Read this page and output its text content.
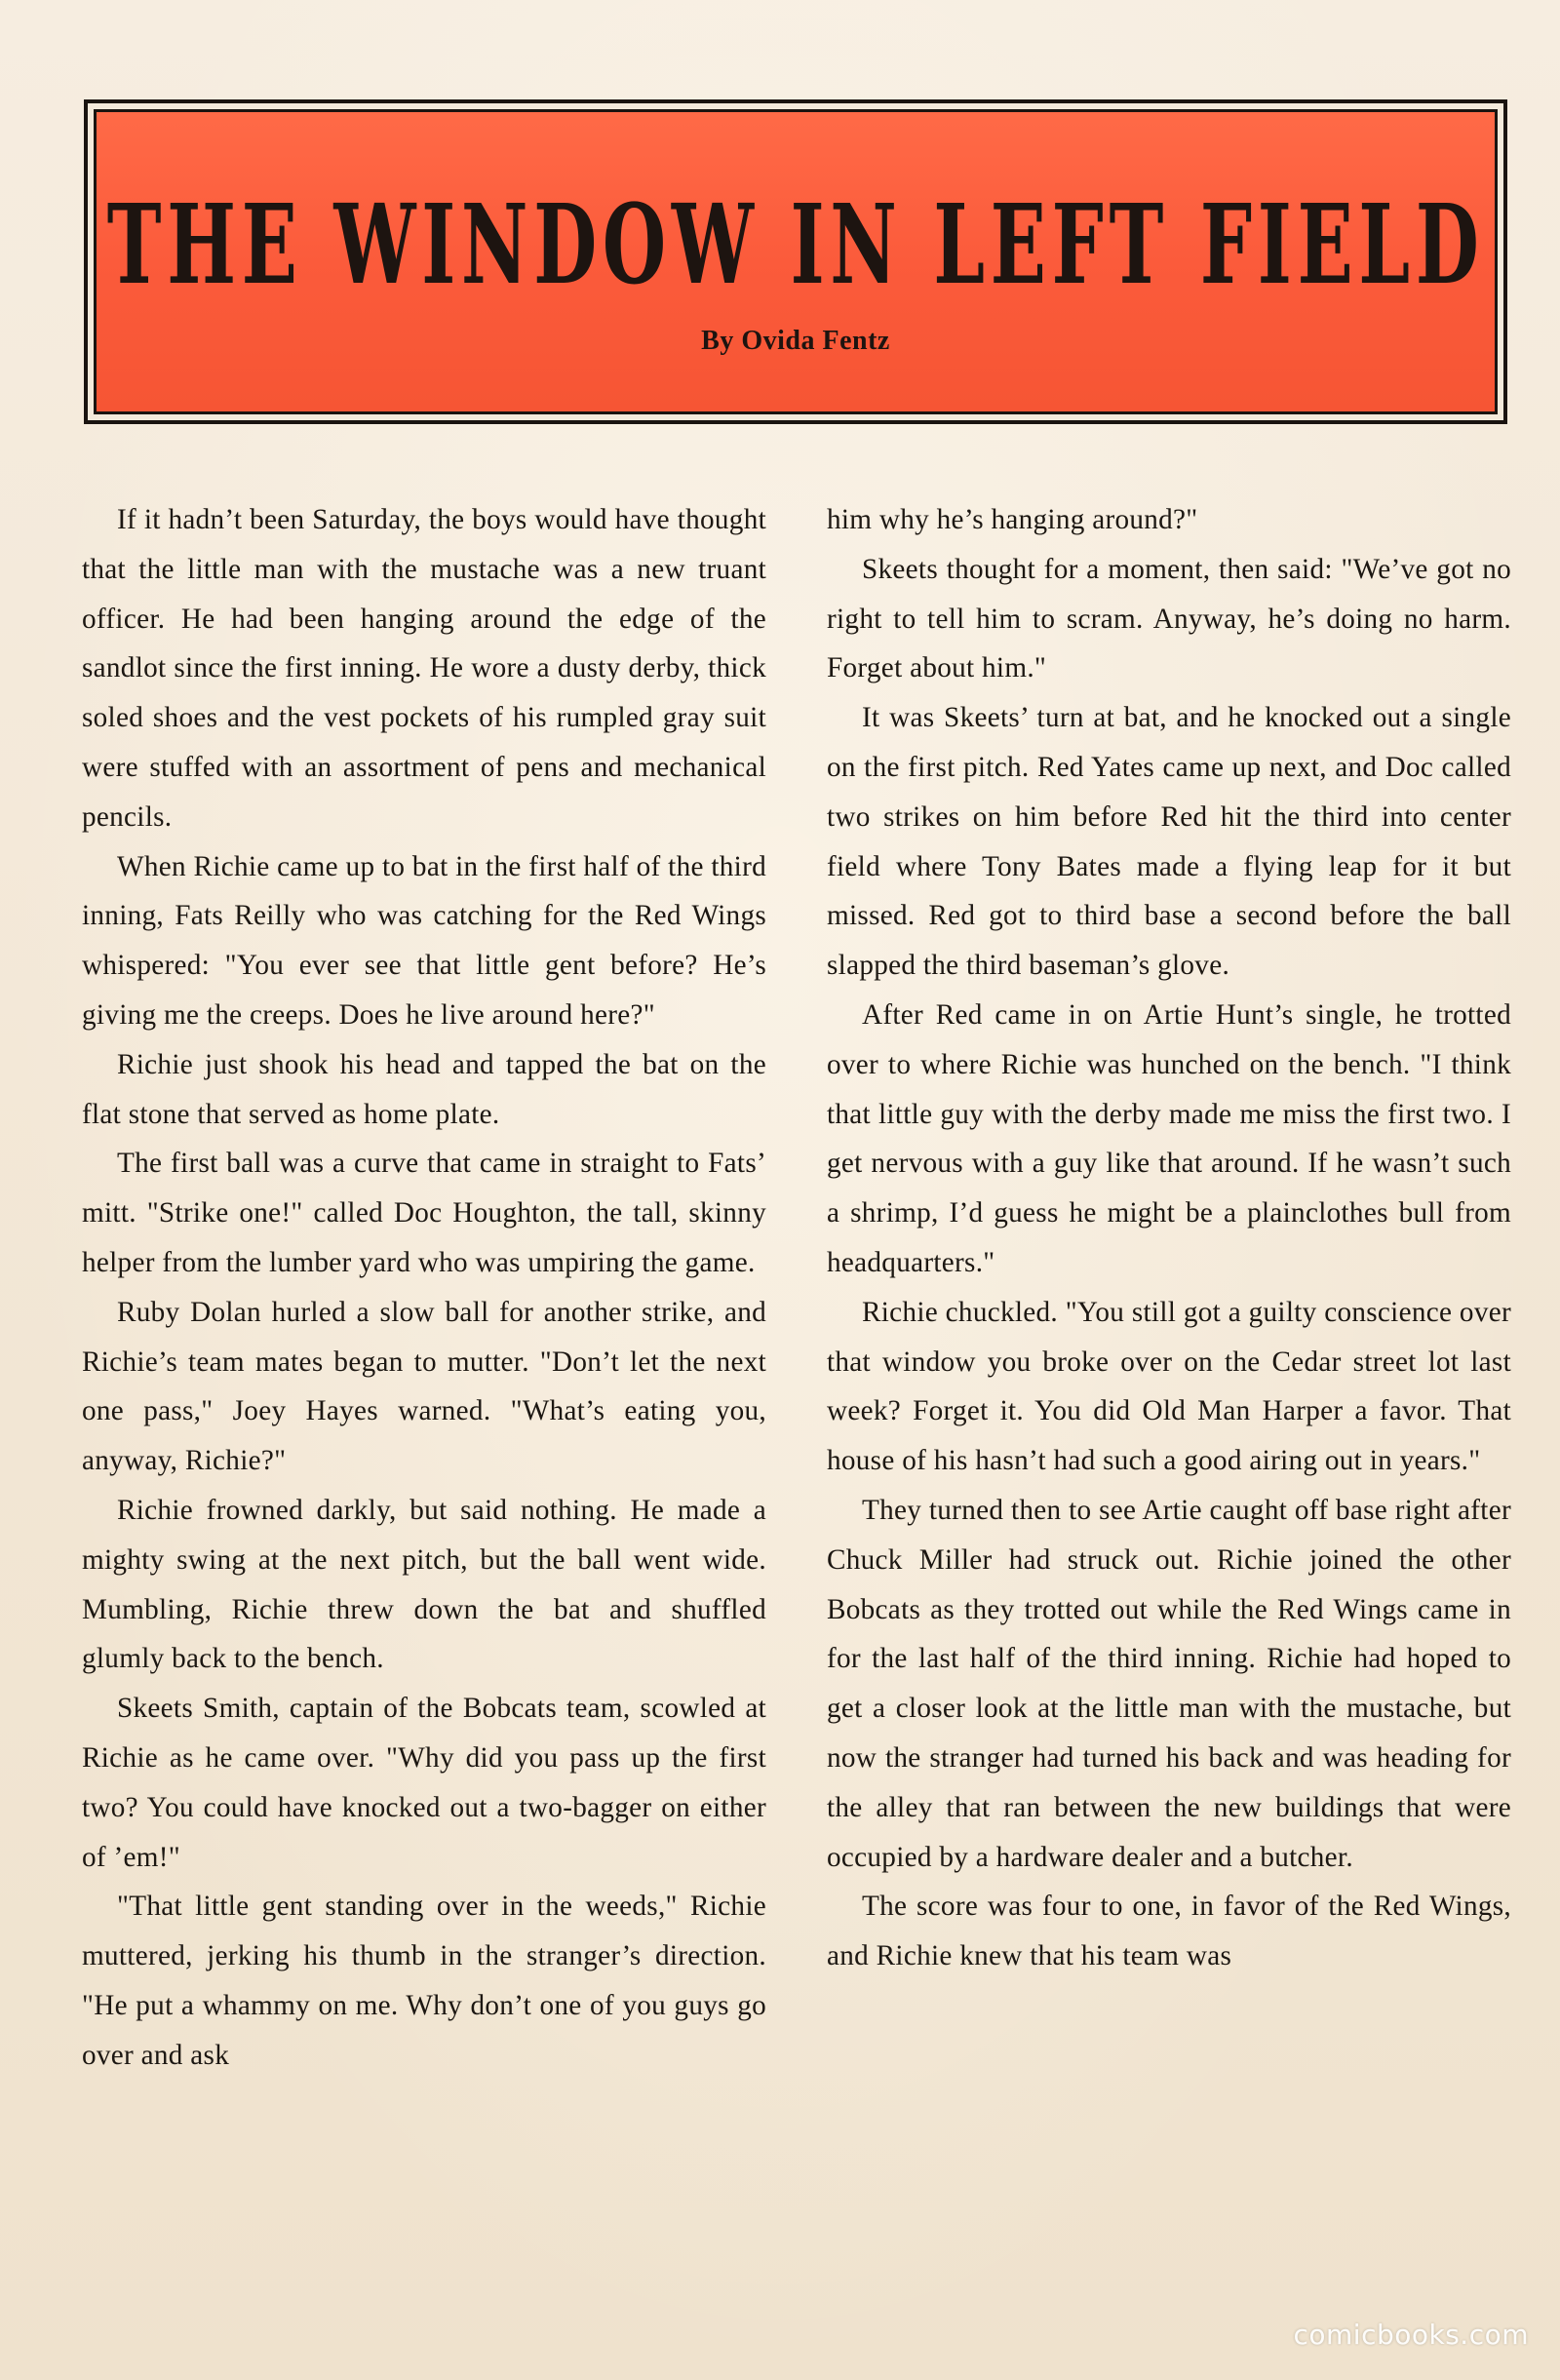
THE WINDOW IN LEFT FIELD
By Ovida Fentz

If it hadn’t been Saturday, the boys would have thought that the little man with the mustache was a new truant officer. He had been hanging around the edge of the sandlot since the first inning. He wore a dusty derby, thick soled shoes and the vest pockets of his rumpled gray suit were stuffed with an assortment of pens and mechanical pencils.

When Richie came up to bat in the first half of the third inning, Fats Reilly who was catching for the Red Wings whispered: "You ever see that little gent before? He’s giving me the creeps. Does he live around here?"

Richie just shook his head and tapped the bat on the flat stone that served as home plate.

The first ball was a curve that came in straight to Fats’ mitt. "Strike one!" called Doc Houghton, the tall, skinny helper from the lumber yard who was umpiring the game.

Ruby Dolan hurled a slow ball for another strike, and Richie’s team mates began to mutter. "Don’t let the next one pass," Joey Hayes warned. "What’s eating you, anyway, Richie?"

Richie frowned darkly, but said nothing. He made a mighty swing at the next pitch, but the ball went wide. Mumbling, Richie threw down the bat and shuffled glumly back to the bench.

Skeets Smith, captain of the Bobcats team, scowled at Richie as he came over. "Why did you pass up the first two? You could have knocked out a two-bagger on either of ’em!"

"That little gent standing over in the weeds," Richie muttered, jerking his thumb in the stranger’s direction. "He put a whammy on me. Why don’t one of you guys go over and ask

him why he’s hanging around?"

Skeets thought for a moment, then said: "We’ve got no right to tell him to scram. Anyway, he’s doing no harm. Forget about him."

It was Skeets’ turn at bat, and he knocked out a single on the first pitch. Red Yates came up next, and Doc called two strikes on him before Red hit the third into center field where Tony Bates made a flying leap for it but missed. Red got to third base a second before the ball slapped the third baseman’s glove.

After Red came in on Artie Hunt’s single, he trotted over to where Richie was hunched on the bench. "I think that little guy with the derby made me miss the first two. I get nervous with a guy like that around. If he wasn’t such a shrimp, I’d guess he might be a plainclothes bull from headquarters."

Richie chuckled. "You still got a guilty conscience over that window you broke over on the Cedar street lot last week? Forget it. You did Old Man Harper a favor. That house of his hasn’t had such a good airing out in years."

They turned then to see Artie caught off base right after Chuck Miller had struck out. Richie joined the other Bobcats as they trotted out while the Red Wings came in for the last half of the third inning. Richie had hoped to get a closer look at the little man with the mustache, but now the stranger had turned his back and was heading for the alley that ran between the new buildings that were occupied by a hardware dealer and a butcher.

The score was four to one, in favor of the Red Wings, and Richie knew that his team was

comicbooks.com
